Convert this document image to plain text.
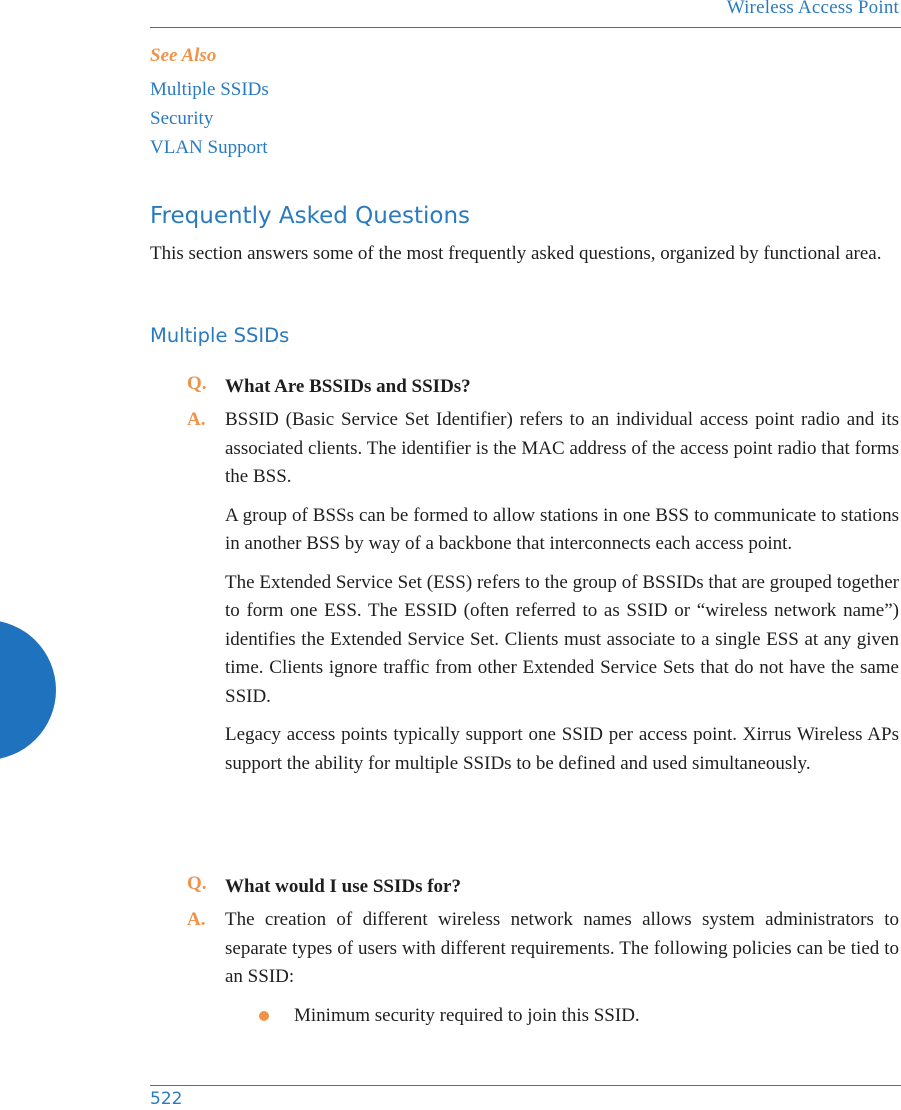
Wireless Access Point
See Also
Multiple SSIDs
Security
VLAN Support
Frequently Asked Questions
This section answers some of the most frequently asked questions, organized by functional area.
Multiple SSIDs
Q. What Are BSSIDs and SSIDs?
A.	BSSID (Basic Service Set Identifier) refers to an individual access point radio and its associated clients. The identifier is the MAC address of the access point radio that forms the BSS.

A group of BSSs can be formed to allow stations in one BSS to communicate to stations in another BSS by way of a backbone that interconnects each access point.

The Extended Service Set (ESS) refers to the group of BSSIDs that are grouped together to form one ESS. The ESSID (often referred to as SSID or “wireless network name”) identifies the Extended Service Set. Clients must associate to a single ESS at any given time. Clients ignore traffic from other Extended Service Sets that do not have the same SSID.

Legacy access points typically support one SSID per access point. Xirrus Wireless APs support the ability for multiple SSIDs to be defined and used simultaneously.

Q. What would I use SSIDs for?
A.	The creation of different wireless network names allows system administrators to separate types of users with different requirements. The following policies can be tied to an SSID:

Minimum security required to join this SSID.
522
